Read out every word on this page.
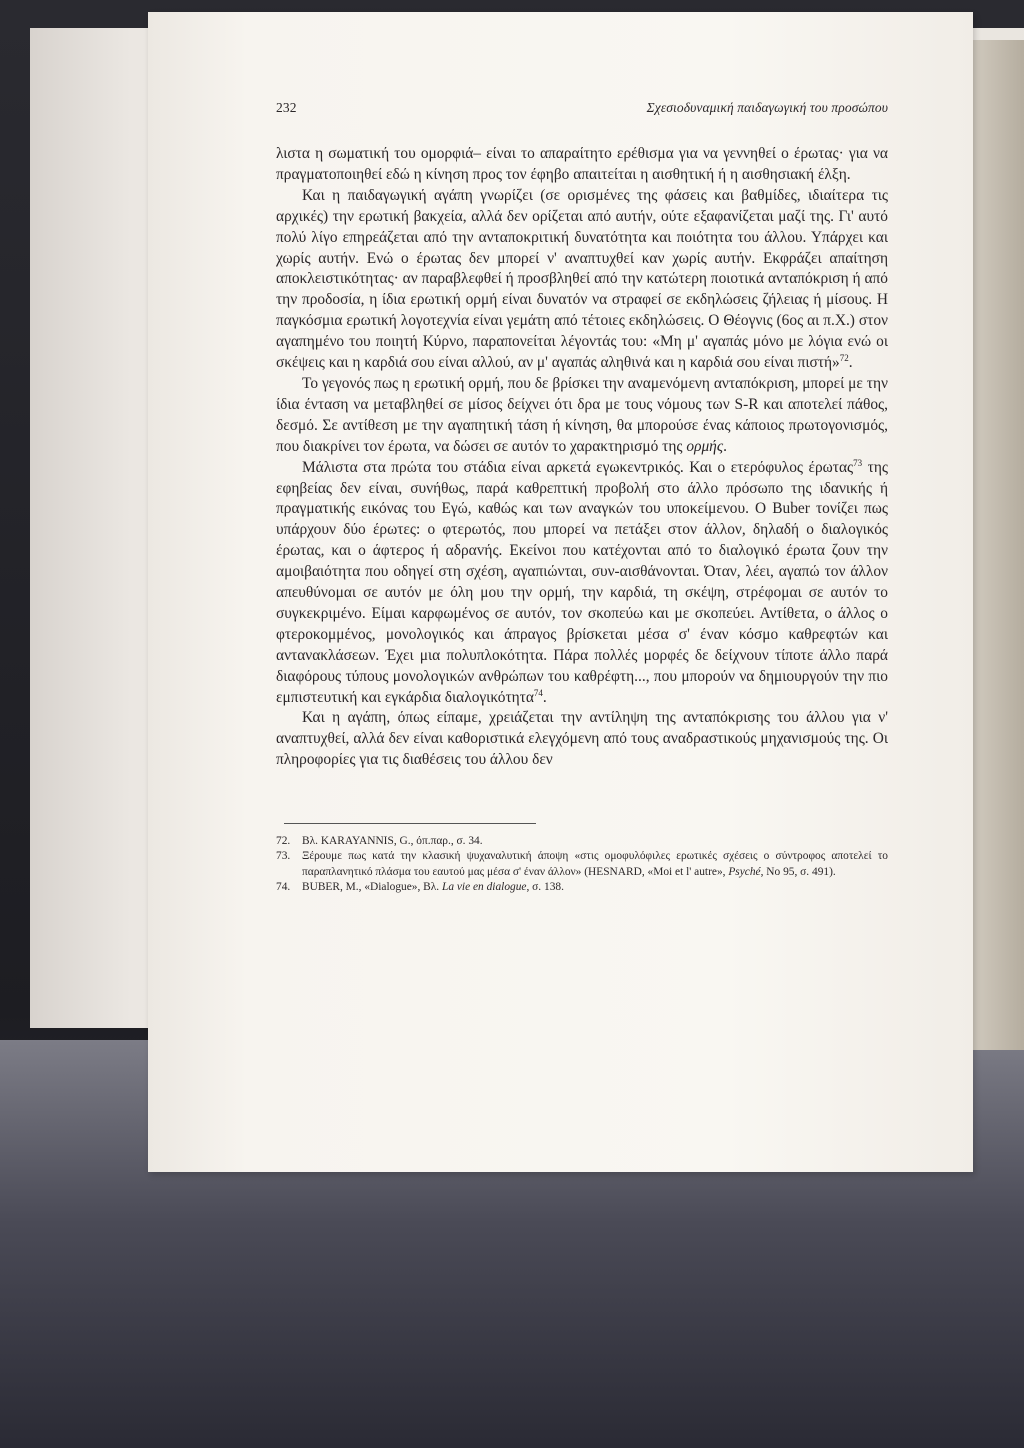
232	Σχεσιοδυναμική παιδαγωγική του προσώπου

λιστα η σωματική του ομορφιά– είναι το απαραίτητο ερέθισμα για να γεννηθεί ο έρωτας· για να πραγματοποιηθεί εδώ η κίνηση προς τον έφηβο απαιτείται η αισθητική ή η αισθησιακή έλξη.

Και η παιδαγωγική αγάπη γνωρίζει (σε ορισμένες της φάσεις και βαθμίδες, ιδιαίτερα τις αρχικές) την ερωτική βακχεία, αλλά δεν ορίζεται από αυτήν, ούτε εξαφανίζεται μαζί της. Γι' αυτό πολύ λίγο επηρεάζεται από την ανταποκριτική δυνατότητα και ποιότητα του άλλου. Υπάρχει και χωρίς αυτήν. Ενώ ο έρωτας δεν μπορεί ν' αναπτυχθεί καν χωρίς αυτήν. Εκφράζει απαίτηση αποκλειστικότητας· αν παραβλεφθεί ή προσβληθεί από την κατώτερη ποιοτικά ανταπόκριση ή από την προδοσία, η ίδια ερωτική ορμή είναι δυνατόν να στραφεί σε εκδηλώσεις ζήλειας ή μίσους. Η παγκόσμια ερωτική λογοτεχνία είναι γεμάτη από τέτοιες εκδηλώσεις. Ο Θέογνις (6ος αι π.Χ.) στον αγαπημένο του ποιητή Κύρνο, παραπονείται λέγοντάς του: «Μη μ' αγαπάς μόνο με λόγια ενώ οι σκέψεις και η καρδιά σου είναι αλλού, αν μ' αγαπάς αληθινά και η καρδιά σου είναι πιστή»$^{72}$.

Το γεγονός πως η ερωτική ορμή, που δε βρίσκει την αναμενόμενη ανταπόκριση, μπορεί με την ίδια ένταση να μεταβληθεί σε μίσος δείχνει ότι δρα με τους νόμους των S-R και αποτελεί πάθος, δεσμό. Σε αντίθεση με την αγαπητική τάση ή κίνηση, θα μπορούσε ένας κάποιος πρωτογονισμός, που διακρίνει τον έρωτα, να δώσει σε αυτόν το χαρακτηρισμό της ορμής.

Μάλιστα στα πρώτα του στάδια είναι αρκετά εγωκεντρικός. Και ο ετερόφυλος έρωτας$^{73}$ της εφηβείας δεν είναι, συνήθως, παρά καθρεπτική προβολή στο άλλο πρόσωπο της ιδανικής ή πραγματικής εικόνας του Εγώ, καθώς και των αναγκών του υποκείμενου. Ο Buber τονίζει πως υπάρχουν δύο έρωτες: ο φτερωτός, που μπορεί να πετάξει στον άλλον, δηλαδή ο διαλογικός έρωτας, και ο άφτερος ή αδραvής. Εκείνοι που κατέχονται από το διαλογικό έρωτα ζουν την αμοιβαιότητα που οδηγεί στη σχέση, αγαπιώνται, συν-αισθάνονται. Όταν, λέει, αγαπώ τον άλλον απευθύνομαι σε αυτόν με όλη μου την ορμή, την καρδιά, τη σκέψη, στρέφομαι σε αυτόν το συγκεκριμένο. Είμαι καρφωμένος σε αυτόν, τον σκοπεύω και με σκοπεύει. Αντίθετα, ο άλλος ο φτεροκομμένος, μονολογικός και άπραγος βρίσκεται μέσα σ' έναν κόσμο καθρεφτών και αντανακλάσεων. Έχει μια πολυπλοκότητα. Πάρα πολλές μορφές δε δείχνουν τίποτε άλλο παρά διαφόρους τύπους μονολογικών ανθρώπων του καθρέφτη..., που μπορούν να δημιουργούν την πιο εμπιστευτική και εγκάρδια διαλογικότητα$^{74}$.

Και η αγάπη, όπως είπαμε, χρειάζεται την αντίληψη της ανταπόκρισης του άλλου για ν' αναπτυχθεί, αλλά δεν είναι καθοριστικά ελεγχόμενη από τους αναδραστικούς μηχανισμούς της. Οι πληροφορίες για τις διαθέσεις του άλλου δεν

72.	Βλ. KARAYANNIS, G., όπ.παρ., σ. 34.
73.	Ξέρουμε πως κατά την κλασική ψυχαναλυτική άποψη «στις ομοφυλόφιλες ερωτικές σχέσεις ο σύντροφος αποτελεί το παραπλανητικό πλάσμα του εαυτού μας μέσα σ' έναν άλλον» (HESNARD, «Moi et l' autre», Psyché, No 95, σ. 491).
74.	BUBER, M., «Dialogue», Βλ. La vie en dialogue, σ. 138.
